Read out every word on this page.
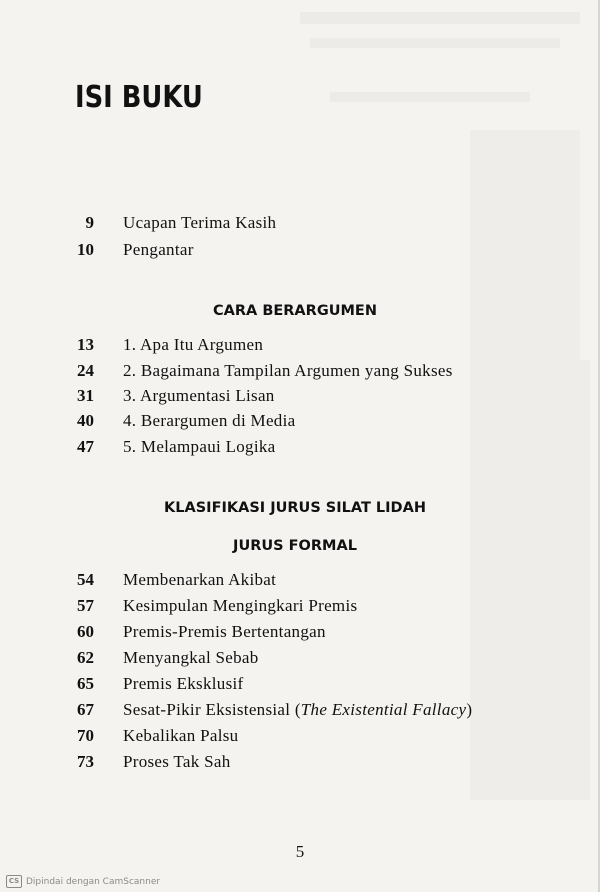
ISI BUKU
9 Ucapan Terima Kasih
10 Pengantar
CARA BERARGUMEN
13 1. Apa Itu Argumen
24 2. Bagaimana Tampilan Argumen yang Sukses
31 3. Argumentasi Lisan
40 4. Berargumen di Media
47 5. Melampaui Logika
KLASIFIKASI JURUS SILAT LIDAH
JURUS FORMAL
54 Membenarkan Akibat
57 Kesimpulan Mengingkari Premis
60 Premis-Premis Bertentangan
62 Menyangkal Sebab
65 Premis Eksklusif
67 Sesat-Pikir Eksistensial (The Existential Fallacy)
70 Kebalikan Palsu
73 Proses Tak Sah
5
CS Dipindai dengan CamScanner
